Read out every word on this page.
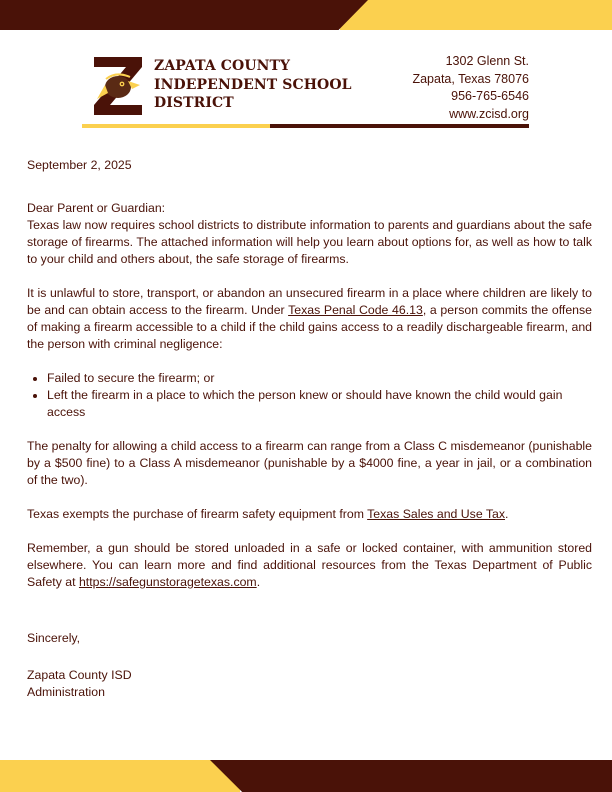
ZAPATA COUNTY
INDEPENDENT SCHOOL
DISTRICT
1302 Glenn St.
Zapata, Texas 78076
956-765-6546
www.zcisd.org

September 2, 2025

Dear Parent or Guardian:

Texas law now requires school districts to distribute information to parents and guardians about the safe storage of firearms. The attached information will help you learn about options for, as well as how to talk to your child and others about, the safe storage of firearms.

It is unlawful to store, transport, or abandon an unsecured firearm in a place where children are likely to be and can obtain access to the firearm. Under Texas Penal Code 46.13, a person commits the offense of making a firearm accessible to a child if the child gains access to a readily dischargeable firearm, and the person with criminal negligence:

• Failed to secure the firearm; or
• Left the firearm in a place to which the person knew or should have known the child would gain access

The penalty for allowing a child access to a firearm can range from a Class C misdemeanor (punishable by a $500 fine) to a Class A misdemeanor (punishable by a $4000 fine, a year in jail, or a combination of the two).

Texas exempts the purchase of firearm safety equipment from Texas Sales and Use Tax.

Remember, a gun should be stored unloaded in a safe or locked container, with ammunition stored elsewhere. You can learn more and find additional resources from the Texas Department of Public Safety at https://safegunstoragetexas.com.

Sincerely,
Zapata County ISD
Administration
